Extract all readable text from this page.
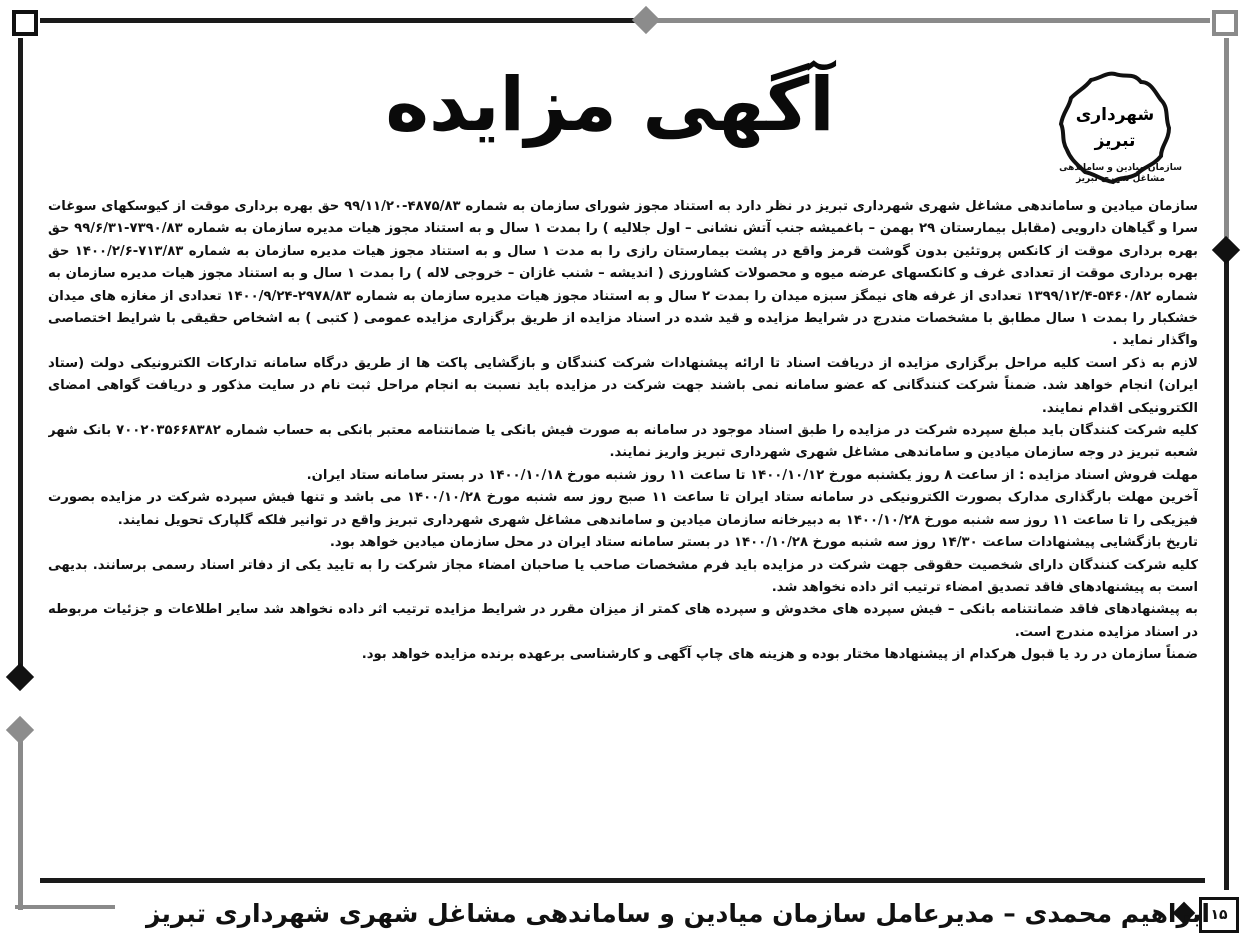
آگهی مزایده	شهرداری
تبریز
سازمان میادین و ساماندهی مشاغل شهری تبریز

سازمان میادین و ساماندهی مشاغل شهری شهرداری تبریز در نظر دارد به استناد مجوز شورای سازمان به شماره ۴۸۷۵/۸۳-۹۹/۱۱/۲۰ حق بهره برداری موقت از کیوسکهای سوغات سرا و گیاهان دارویی (مقابل بیمارستان ۲۹ بهمن – باغمیشه جنب آتش نشانی – اول جلالیه ) را بمدت ۱ سال و به استناد مجوز هیات مدیره سازمان به شماره ۷۳۹۰/۸۳-۹۹/۶/۳۱ حق بهره برداری موقت از کانکس پروتئین بدون گوشت قرمز واقع در پشت بیمارستان رازی را به مدت ۱ سال و به استناد مجوز هیات مدیره سازمان به شماره ۷۱۳/۸۳-۱۴۰۰/۲/۶ حق بهره برداری موقت از تعدادی غرف و کانکسهای عرضه میوه و محصولات کشاورزی ( اندیشه – شنب غازان – خروجی لاله ) را بمدت ۱ سال و به استناد مجوز هیات مدیره سازمان به شماره ۵۴۶۰/۸۲-۱۳۹۹/۱۲/۴ تعدادی از غرفه های نیمگز سبزه میدان را بمدت ۲ سال و به استناد مجوز هیات مدیره سازمان به شماره ۲۹۷۸/۸۳-۱۴۰۰/۹/۲۴ تعدادی از مغازه های میدان خشکبار را بمدت ۱ سال مطابق با مشخصات مندرج در شرایط مزایده و قید شده در اسناد مزایده از طریق برگزاری مزایده عمومی ( کتبی ) به اشخاص حقیقی با شرایط اختصاصی واگذار نماید .

لازم به ذکر است کلیه مراحل برگزاری مزایده از دریافت اسناد تا ارائه پیشنهادات شرکت کنندگان و بازگشایی پاکت ها از طریق درگاه سامانه تدارکات الکترونیکی دولت (ستاد ایران) انجام خواهد شد. ضمناً شرکت کنندگانی که عضو سامانه نمی باشند جهت شرکت در مزایده باید نسبت به انجام مراحل ثبت نام در سایت مذکور و دریافت گواهی امضای الکترونیکی اقدام نمایند.

کلیه شرکت کنندگان باید مبلغ سپرده شرکت در مزایده را طبق اسناد موجود در سامانه به صورت فیش بانکی یا ضمانتنامه معتبر بانکی به حساب شماره ۷۰۰۲۰۳۵۶۶۸۳۸۲ بانک شهر شعبه تبریز در وجه سازمان میادین و ساماندهی مشاغل شهری شهرداری تبریز واریز نمایند.

مهلت فروش اسناد مزایده : از ساعت ۸ روز یکشنبه مورخ ۱۴۰۰/۱۰/۱۲ تا ساعت ۱۱ روز شنبه مورخ ۱۴۰۰/۱۰/۱۸ در بستر سامانه ستاد ایران.

آخرین مهلت بارگذاری مدارک بصورت الکترونیکی در سامانه ستاد ایران تا ساعت ۱۱ صبح روز سه شنبه مورخ ۱۴۰۰/۱۰/۲۸ می باشد و تنها فیش سپرده شرکت در مزایده بصورت فیزیکی را تا ساعت ۱۱ روز سه شنبه مورخ ۱۴۰۰/۱۰/۲۸ به دبیرخانه سازمان میادین و ساماندهی مشاغل شهری شهرداری تبریز واقع در توانیر فلکه گلپارک تحویل نمایند.

تاریخ بازگشایی پیشنهادات ساعت ۱۴/۳۰ روز سه شنبه مورخ ۱۴۰۰/۱۰/۲۸ در بستر سامانه ستاد ایران در محل سازمان میادین خواهد بود.

کلیه شرکت کنندگان دارای شخصیت حقوقی جهت شرکت در مزایده باید فرم مشخصات صاحب یا صاحبان امضاء مجاز شرکت را به تایید یکی از دفاتر اسناد رسمی برسانند. بدیهی است به پیشنهادهای فاقد تصدیق امضاء ترتیب اثر داده نخواهد شد.

به پیشنهادهای فاقد ضمانتنامه بانکی – فیش سپرده های مخدوش و سپرده های کمتر از میزان مقرر در شرایط مزایده ترتیب اثر داده نخواهد شد سایر اطلاعات و جزئیات مربوطه در اسناد مزایده مندرج است.

ضمناً سازمان در رد یا قبول هرکدام از پیشنهادها مختار بوده و هزینه های چاپ آگهی و کارشناسی برعهده برنده مزایده خواهد بود.

ابراهیم محمدی – مدیرعامل سازمان میادین و ساماندهی مشاغل شهری شهرداری تبریز ۱۵
